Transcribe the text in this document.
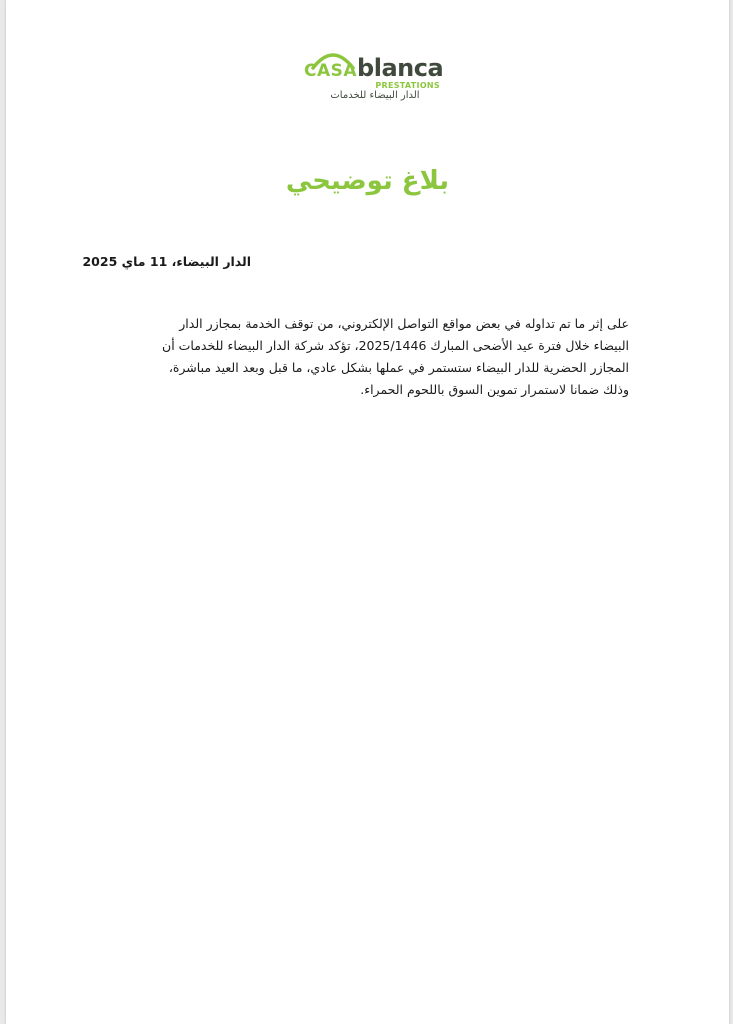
CASA blanca
PRESTATIONS
الدار البيضاء للخدمات
بلاغ توضيحي
الدار البيضاء، 11 ماي 2025
على إثر ما تم تداوله في بعض مواقع التواصل الإلكتروني، من توقف الخدمة بمجازر الدار
البيضاء خلال فترة عيد الأضحى المبارك 2025/1446، تؤكد شركة الدار البيضاء للخدمات أن
المجازر الحضرية للدار البيضاء ستستمر في عملها بشكل عادي، ما قبل وبعد العيد مباشرة،
وذلك ضمانا لاستمرار تموين السوق باللحوم الحمراء.
